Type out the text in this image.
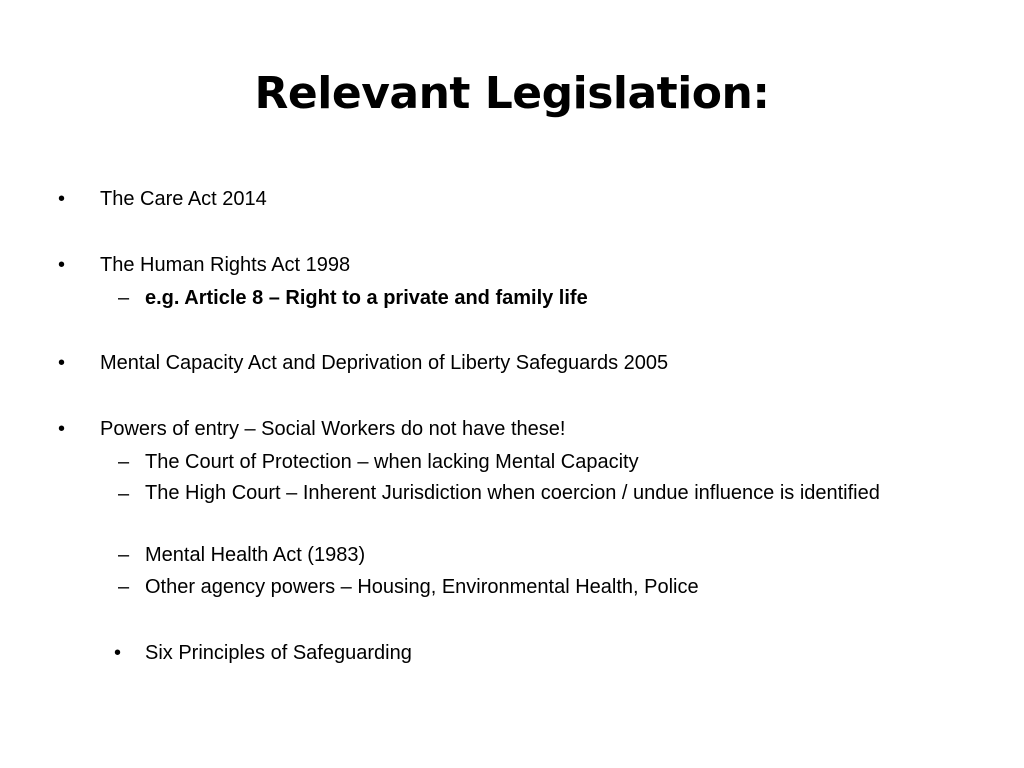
Relevant Legislation:
• The Care Act 2014
• The Human Rights Act 1998
– e.g. Article 8 – Right to a private and family life
• Mental Capacity Act and Deprivation of Liberty Safeguards 2005
• Powers of entry – Social Workers do not have these!
– The Court of Protection – when lacking Mental Capacity
– The High Court – Inherent Jurisdiction when coercion / undue influence is identified
– Mental Health Act (1983)
– Other agency powers – Housing, Environmental Health, Police
• Six Principles of Safeguarding
